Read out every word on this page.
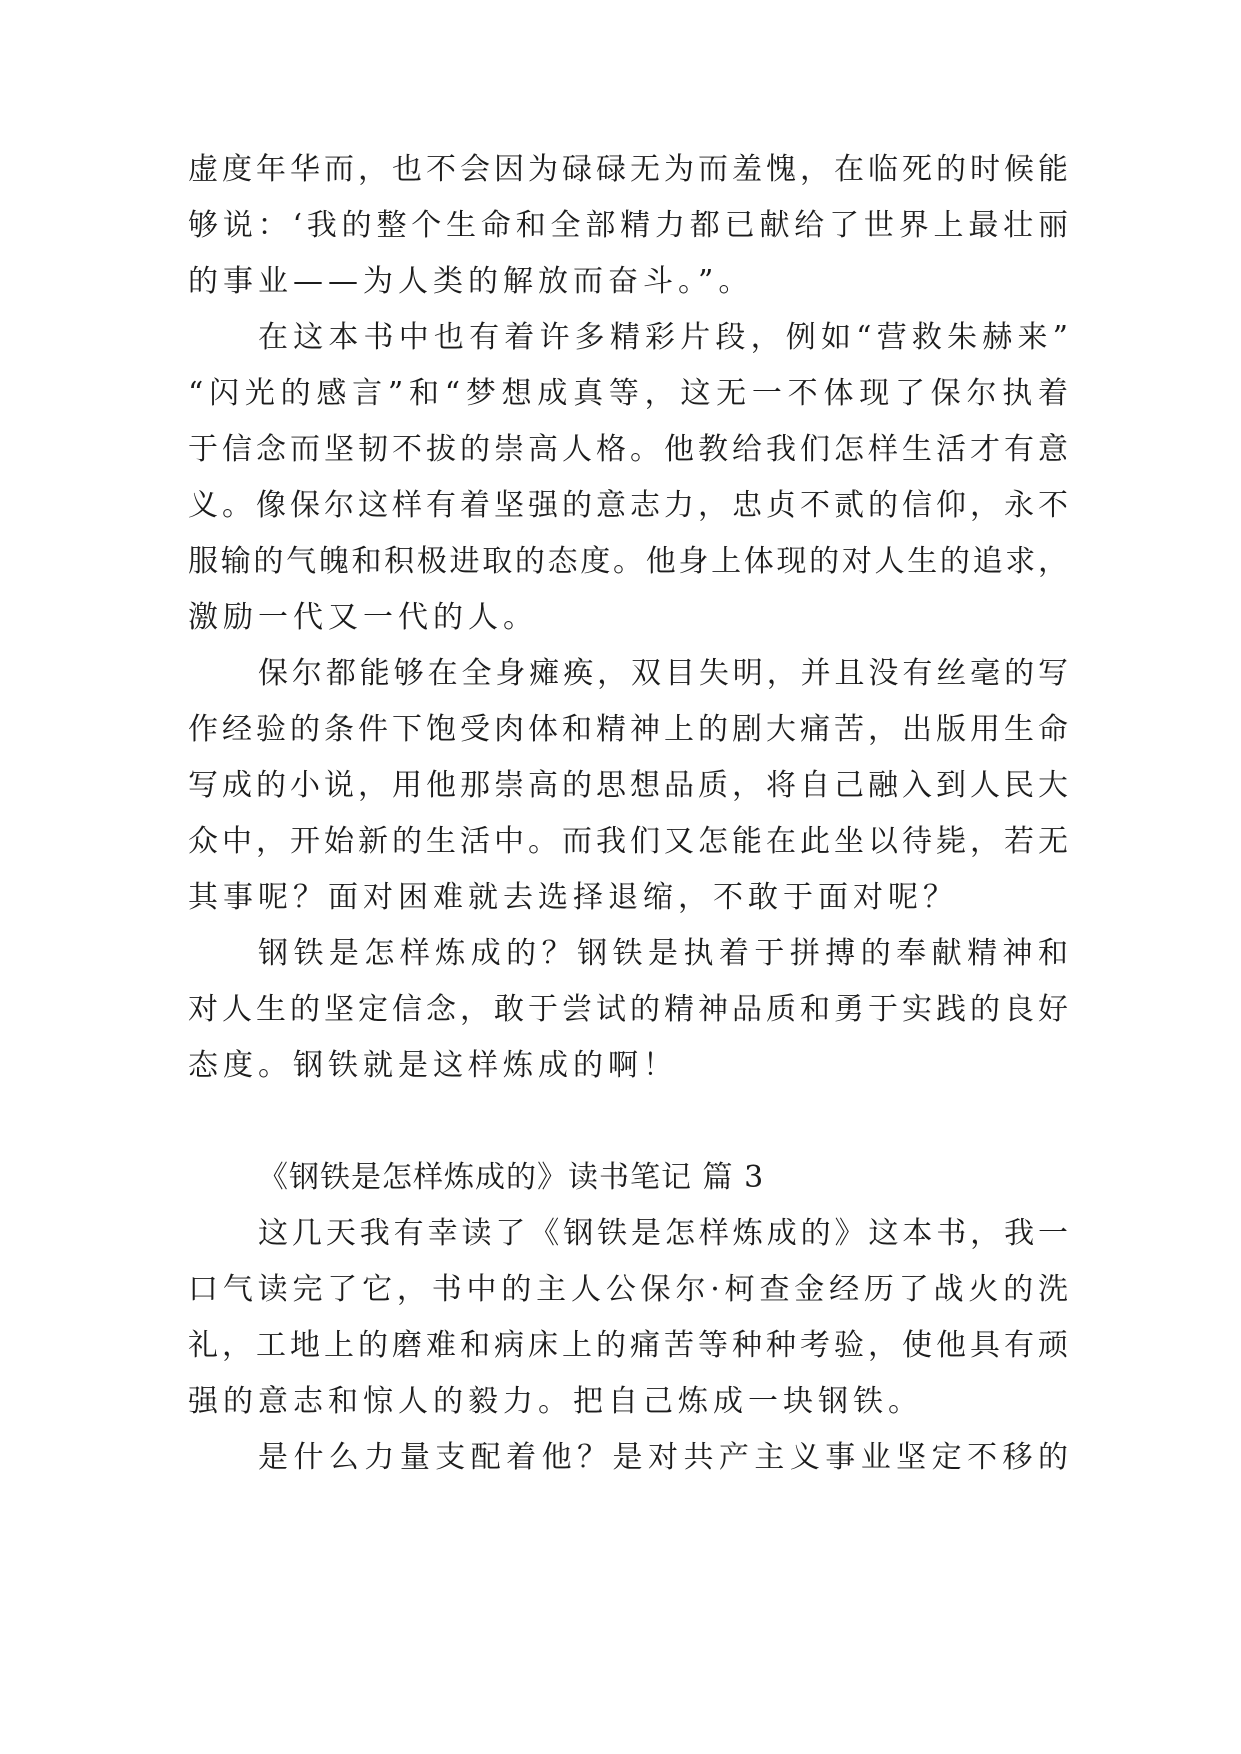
虚度年华而，也不会因为碌碌无为而羞愧，在临死的时候能
够说：‘我的整个生命和全部精力都已献给了世界上最壮丽
的事业——为人类的解放而奋斗。”。
在这本书中也有着许多精彩片段，例如“营救朱赫来”
“闪光的感言”和“梦想成真等，这无一不体现了保尔执着
于信念而坚韧不拔的崇高人格。他教给我们怎样生活才有意
义。像保尔这样有着坚强的意志力，忠贞不贰的信仰，永不
服输的气魄和积极进取的态度。他身上体现的对人生的追求，
激励一代又一代的人。
保尔都能够在全身瘫痪，双目失明，并且没有丝毫的写
作经验的条件下饱受肉体和精神上的剧大痛苦，出版用生命
写成的小说，用他那崇高的思想品质，将自己融入到人民大
众中，开始新的生活中。而我们又怎能在此坐以待毙，若无
其事呢？面对困难就去选择退缩，不敢于面对呢？
钢铁是怎样炼成的？钢铁是执着于拼搏的奉献精神和
对人生的坚定信念，敢于尝试的精神品质和勇于实践的良好
态度。钢铁就是这样炼成的啊！
《钢铁是怎样炼成的》读书笔记 篇 3
这几天我有幸读了《钢铁是怎样炼成的》这本书，我一
口气读完了它，书中的主人公保尔·柯查金经历了战火的洗
礼，工地上的磨难和病床上的痛苦等种种考验，使他具有顽
强的意志和惊人的毅力。把自己炼成一块钢铁。
是什么力量支配着他？是对共产主义事业坚定不移的
